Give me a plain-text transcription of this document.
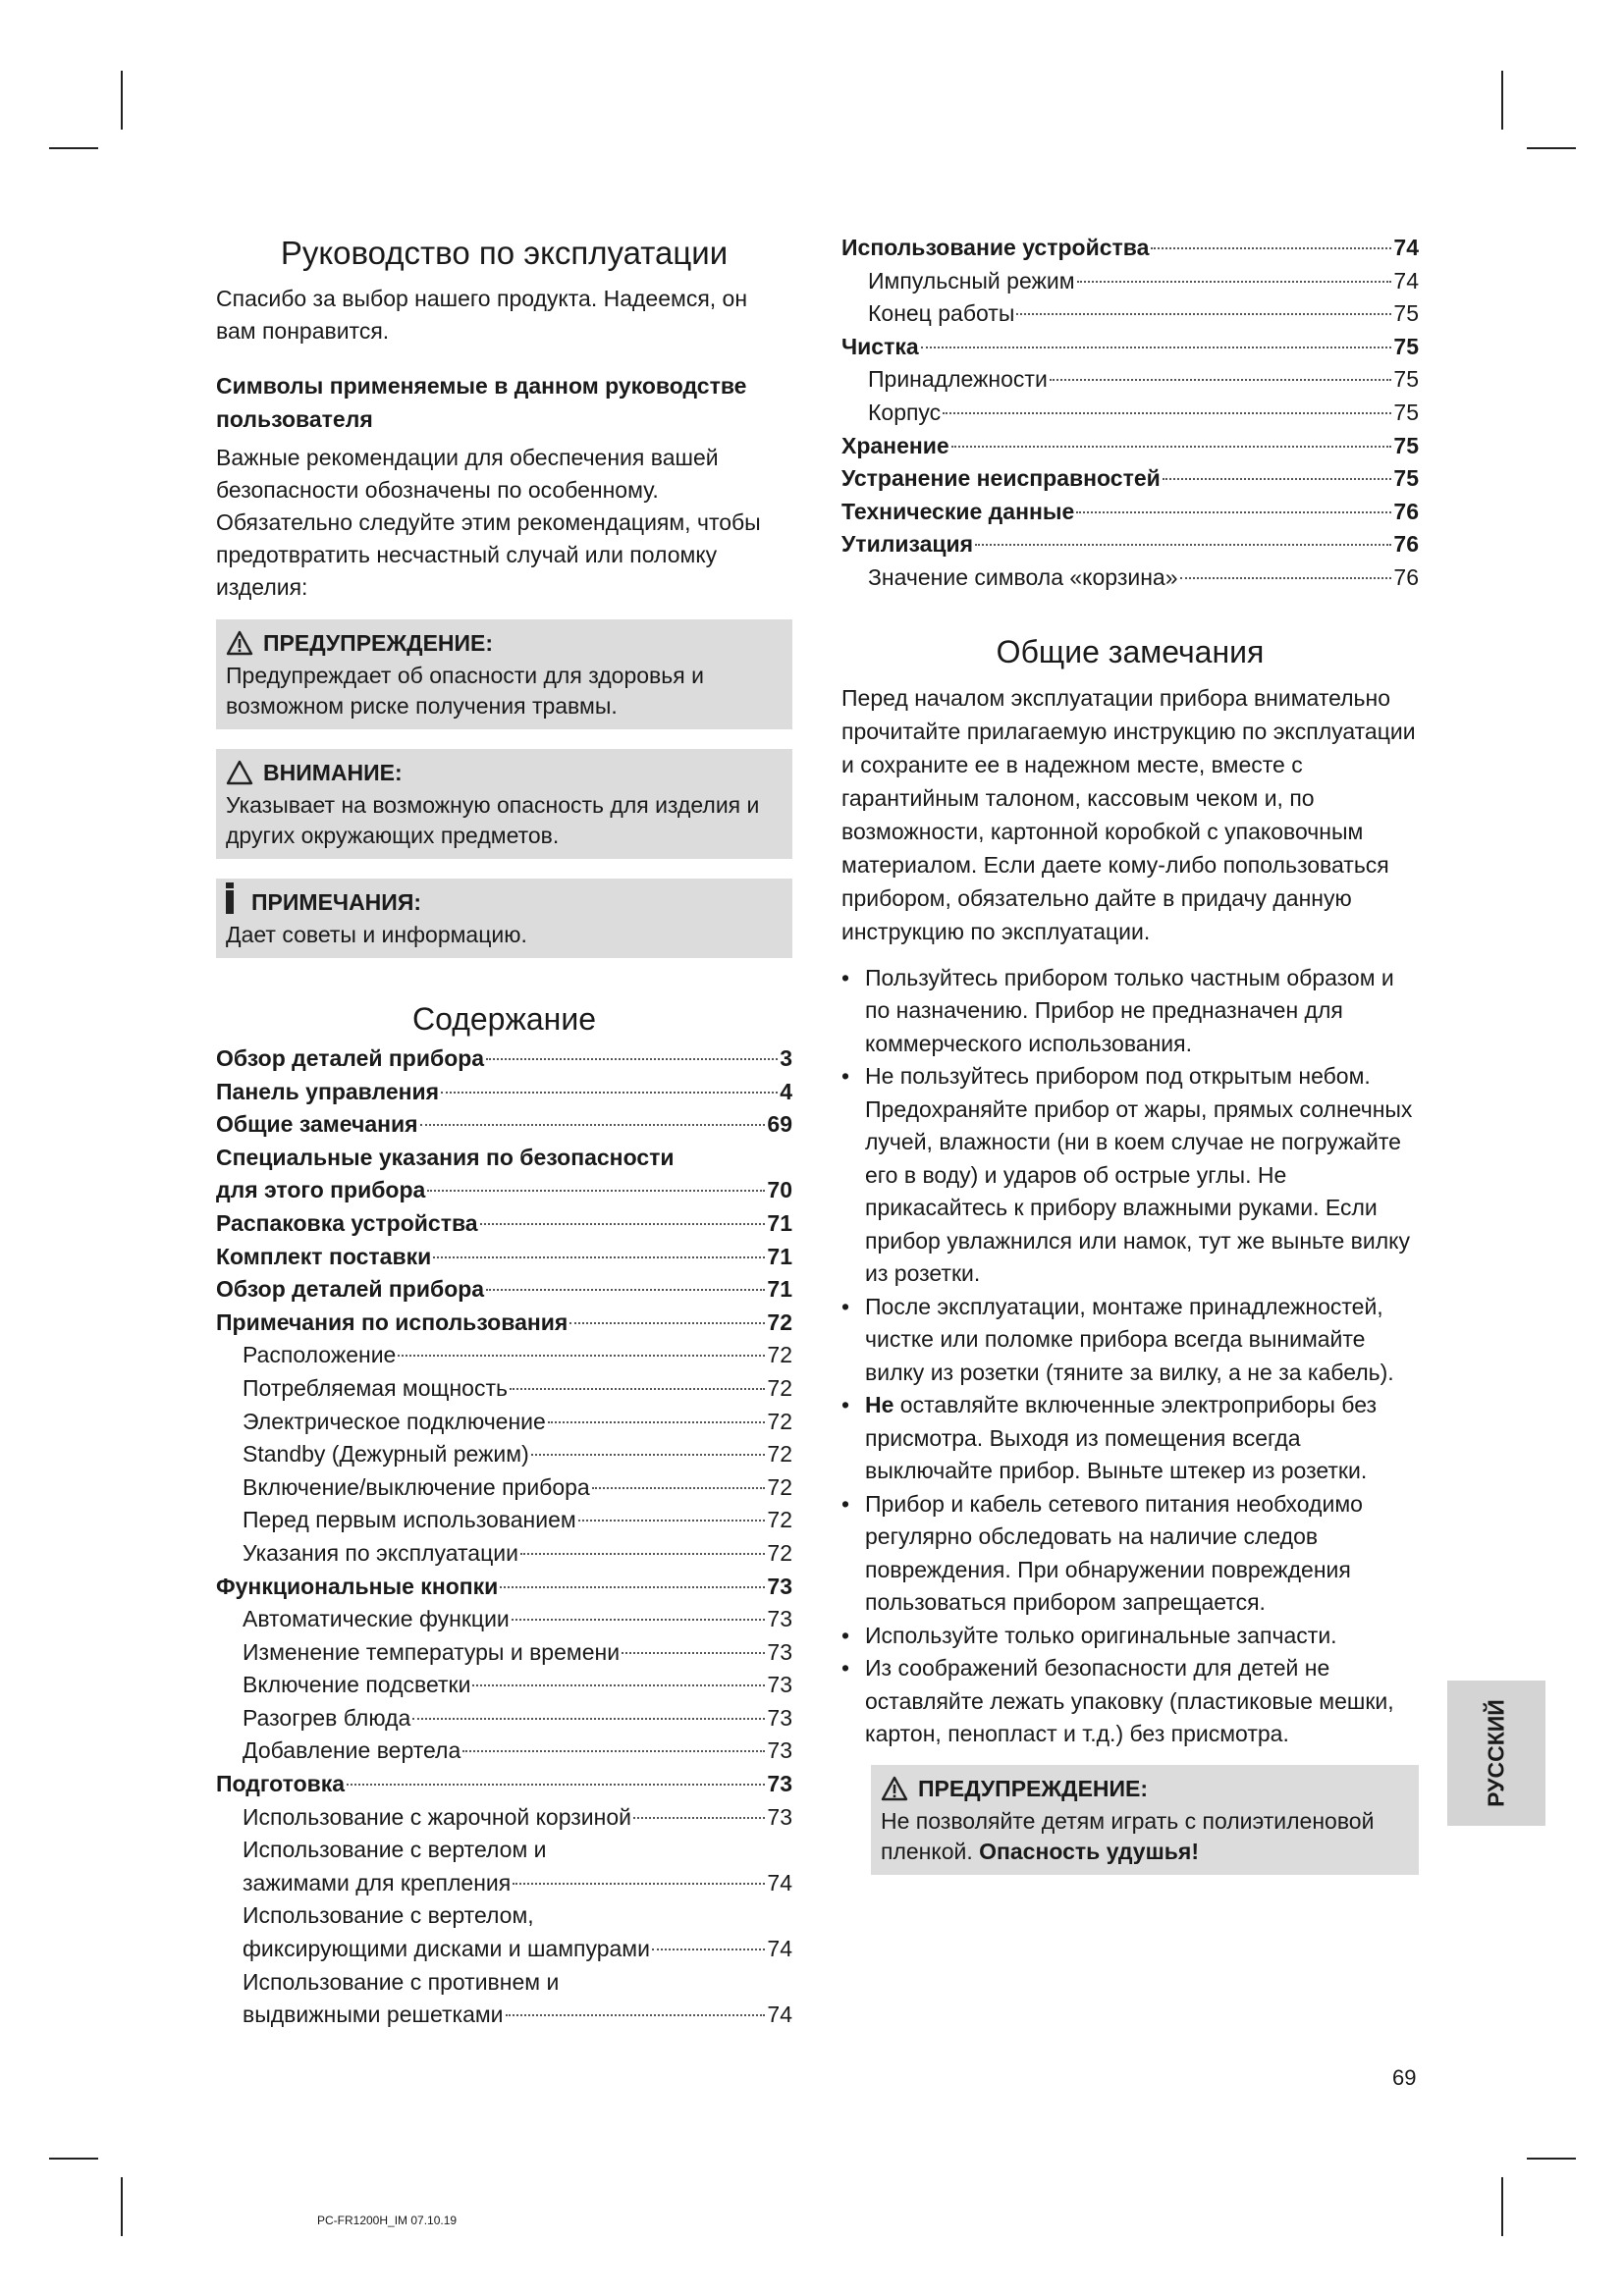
Руководство по эксплуатации

Спасибо за выбор нашего продукта. Надеемся, он вам понравится.

Символы применяемые в данном руководстве пользователя

Важные рекомендации для обеспечения вашей безопасности обозначены по особенному. Обязательно следуйте этим рекомендациям, чтобы предотвратить несчастный случай или поломку изделия:

ПРЕДУПРЕЖДЕНИЕ:

Предупреждает об опасности для здоровья и возможном риске получения травмы.

ВНИМАНИЕ:

Указывает на возможную опасность для изделия и других окружающих предметов.

ПРИМЕЧАНИЯ:

Дает советы и информацию.

Содержание
Обзор деталей прибора	3
Панель управления	4
Общие замечания	69
Специальные указания по безопасности
для этого прибора	70
Распаковка устройства	71
Комплект поставки	71
Обзор деталей прибора	71
Примечания по использования	72
Расположение	72
Потребляемая мощность	72
Электрическое подключение	72
Standby (Дежурный режим)	72
Включение/выключение прибора	72
Перед первым использованием	72
Указания по эксплуатации	72
Функциональные кнопки	73
Автоматические функции	73
Изменение температуры и времени	73
Включение подсветки	73
Разогрев блюда	73
Добавление вертела	73
Подготовка	73
Использование с жарочной корзиной	73
Использование с вертелом и
зажимами для крепления	74
Использование с вертелом,
фиксирующими дисками и шампурами	74
Использование с противнем и
выдвижными решетками	74
Использование устройства	74
Импульсный режим	74
Конец работы	75
Чистка	75
Принадлежности	75
Корпус	75
Хранение	75
Устранение неисправностей	75
Технические данные	76
Утилизация	76
Значение символа «корзина»	76
Общие замечания

Перед началом эксплуатации прибора внимательно прочитайте прилагаемую инструкцию по эксплуатации и сохраните ее в надежном месте, вместе с гарантийным талоном, кассовым чеком и, по возможности, картонной коробкой с упаковочным материалом. Если даете кому-либо попользоваться прибором, обязательно дайте в придачу данную инструкцию по эксплуатации.

• Пользуйтесь прибором только частным образом и по назначению. Прибор не предназначен для коммерческого использования.
• Не пользуйтесь прибором под открытым небом. Предохраняйте прибор от жары, прямых солнечных лучей, влажности (ни в коем случае не погружайте его в воду) и ударов об острые углы. Не прикасайтесь к прибору влажными руками. Если прибор увлажнился или намок, тут же выньте вилку из розетки.
• После эксплуатации, монтаже принадлежностей, чистке или поломке прибора всегда вынимайте вилку из розетки (тяните за вилку, а не за кабель).
• Не оставляйте включенные электроприборы без присмотра. Выходя из помещения всегда выключайте прибор. Выньте штекер из розетки.
• Прибор и кабель сетевого питания необходимо регулярно обследовать на наличие следов повреждения. При обнаружении повреждения пользоваться прибором запрещается.
• Используйте только оригинальные запчасти.
• Из соображений безопасности для детей не оставляйте лежать упаковку (пластиковые мешки, картон, пенопласт и т.д.) без присмотра.
ПРЕДУПРЕЖДЕНИЕ:

Не позволяйте детям играть с полиэтиленовой пленкой. Опасность удушья!

РУССКИЙ
69
PC-FR1200H_IM 07.10.19
